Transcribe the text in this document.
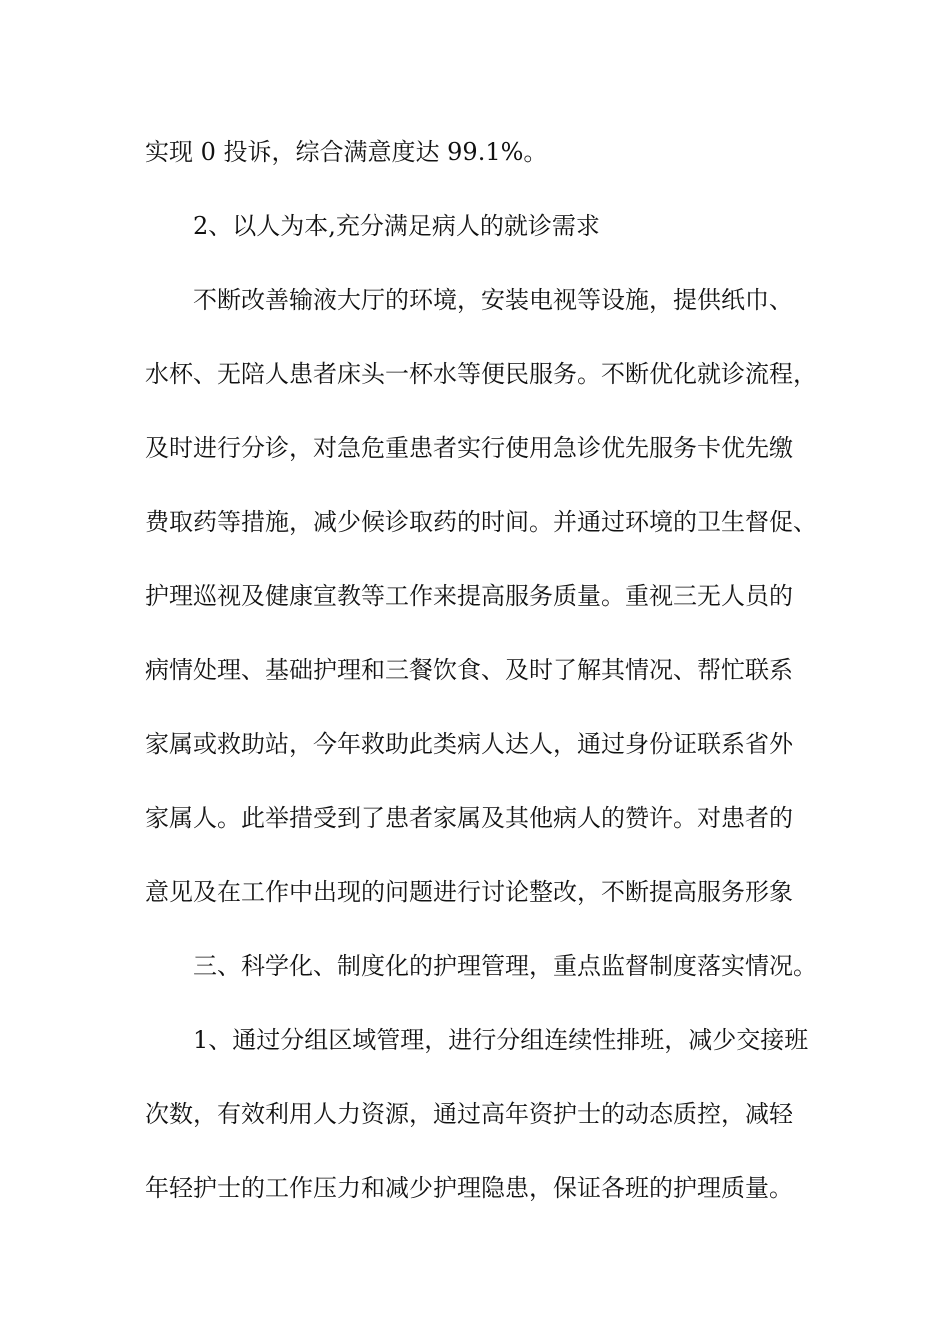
实现 0 投诉，综合满意度达 99.1%。
2、以人为本,充分满足病人的就诊需求
不断改善输液大厅的环境，安装电视等设施，提供纸巾、
水杯、无陪人患者床头一杯水等便民服务。不断优化就诊流程，
及时进行分诊，对急危重患者实行使用急诊优先服务卡优先缴
费取药等措施，减少候诊取药的时间。并通过环境的卫生督促、
护理巡视及健康宣教等工作来提高服务质量。重视三无人员的
病情处理、基础护理和三餐饮食、及时了解其情况、帮忙联系
家属或救助站，今年救助此类病人达人，通过身份证联系省外
家属人。此举措受到了患者家属及其他病人的赞许。对患者的
意见及在工作中出现的问题进行讨论整改，不断提高服务形象
三、科学化、制度化的护理管理，重点监督制度落实情况。
1、通过分组区域管理，进行分组连续性排班，减少交接班
次数，有效利用人力资源，通过高年资护士的动态质控，减轻
年轻护士的工作压力和减少护理隐患，保证各班的护理质量。
